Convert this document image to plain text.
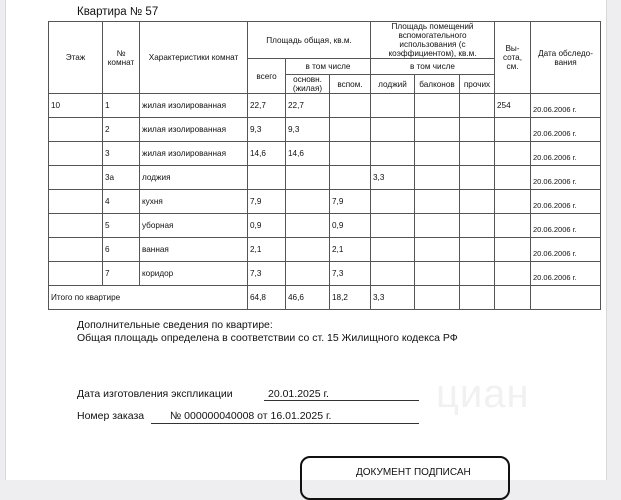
циан
Квартира № 57
Этаж	№ комнат	Характеристики комнат	Площадь общая, кв.м.			Площадь помещений вспомогательного использования (с коэффициентом), кв.м.			Вы-сота, см.	Дата обследо-вания
			всего	в том числе		в том числе				
				основн. (жилая)	вспом.	лоджий	балконов	прочих		
10	1	жилая изолированная	22,7	22,7					254	20.06.2006 г.
	2	жилая изолированная	9,3	9,3						20.06.2006 г.
	3	жилая изолированная	14,6	14,6						20.06.2006 г.
	3а	лоджия				3,3				20.06.2006 г.
	4	кухня	7,9		7,9					20.06.2006 г.
	5	уборная	0,9		0,9					20.06.2006 г.
	6	ванная	2,1		2,1					20.06.2006 г.
	7	коридор	7,3		7,3					20.06.2006 г.
Итого по квартире			64,8	46,6	18,2	3,3				
Дополнительные сведения по квартире:
Общая площадь определена в соответствии со ст. 15 Жилищного кодекса РФ
Дата изготовления экспликации	20.01.2025 г.
Номер заказа № 000000040008 от 16.01.2025 г.
ДОКУМЕНТ ПОДПИСАН
